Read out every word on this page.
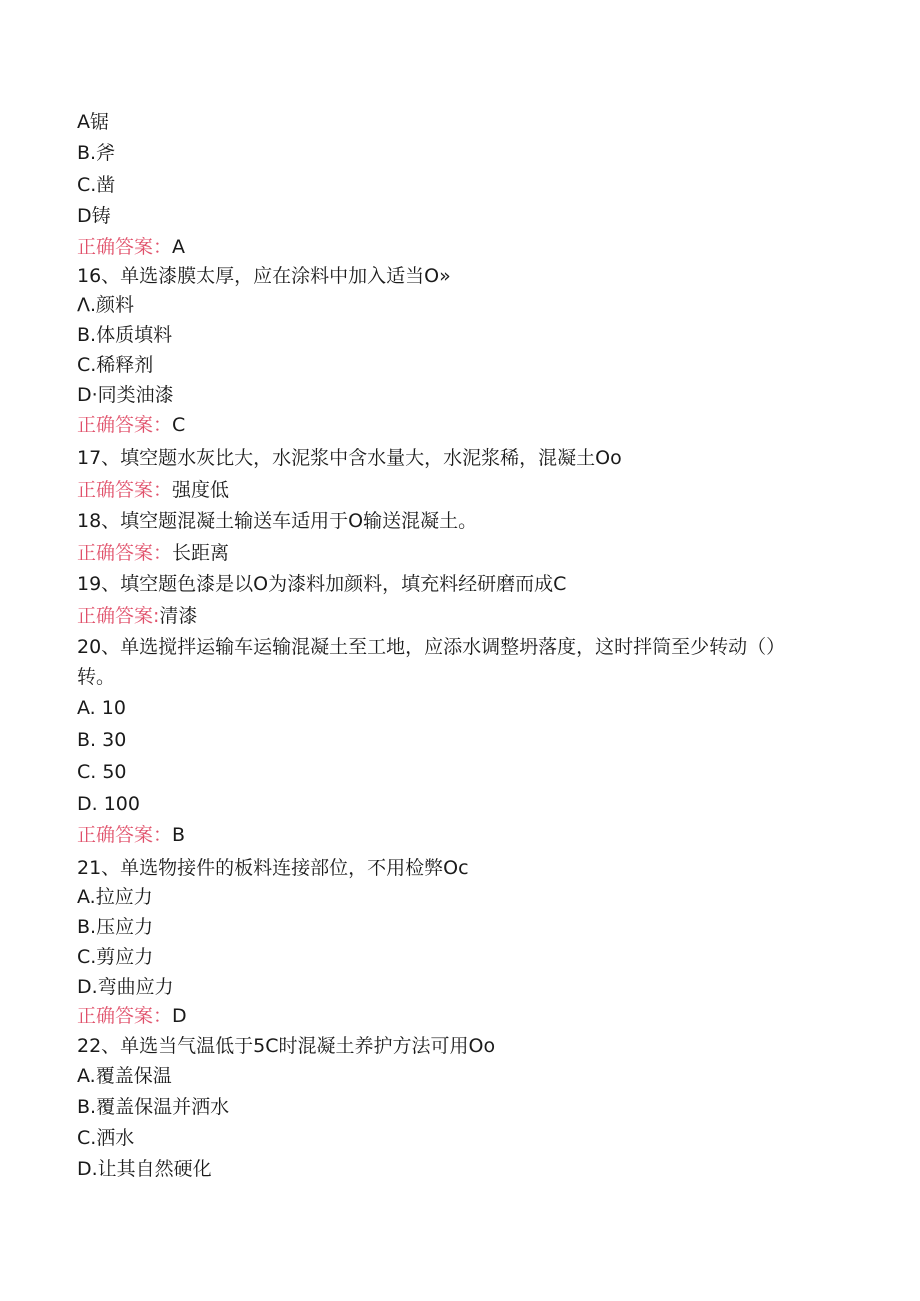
A锯
B.斧
C.凿
D铸
正确答案：A
16、单选漆膜太厚，应在涂料中加入适当O»
Λ.颜料
B.体质填料
C.稀释剂
D·同类油漆
正确答案：C
17、填空题水灰比大，水泥浆中含水量大，水泥浆稀，混凝土Oo
正确答案：强度低
18、填空题混凝土输送车适用于O输送混凝土。
正确答案：长距离
19、填空题色漆是以O为漆料加颜料，填充料经研磨而成C
正确答案:清漆
20、单选搅拌运输车运输混凝土至工地，应添水调整坍落度，这时拌筒至少转动（）转。
A. 10
B. 30
C. 50
D. 100
正确答案：B
21、单选物接件的板料连接部位，不用检弊Oc
A.拉应力
B.压应力
C.剪应力
D.弯曲应力
正确答案：D
22、单选当气温低于5C时混凝土养护方法可用Oo
A.覆盖保温
B.覆盖保温并洒水
C.洒水
D.让其自然硬化
